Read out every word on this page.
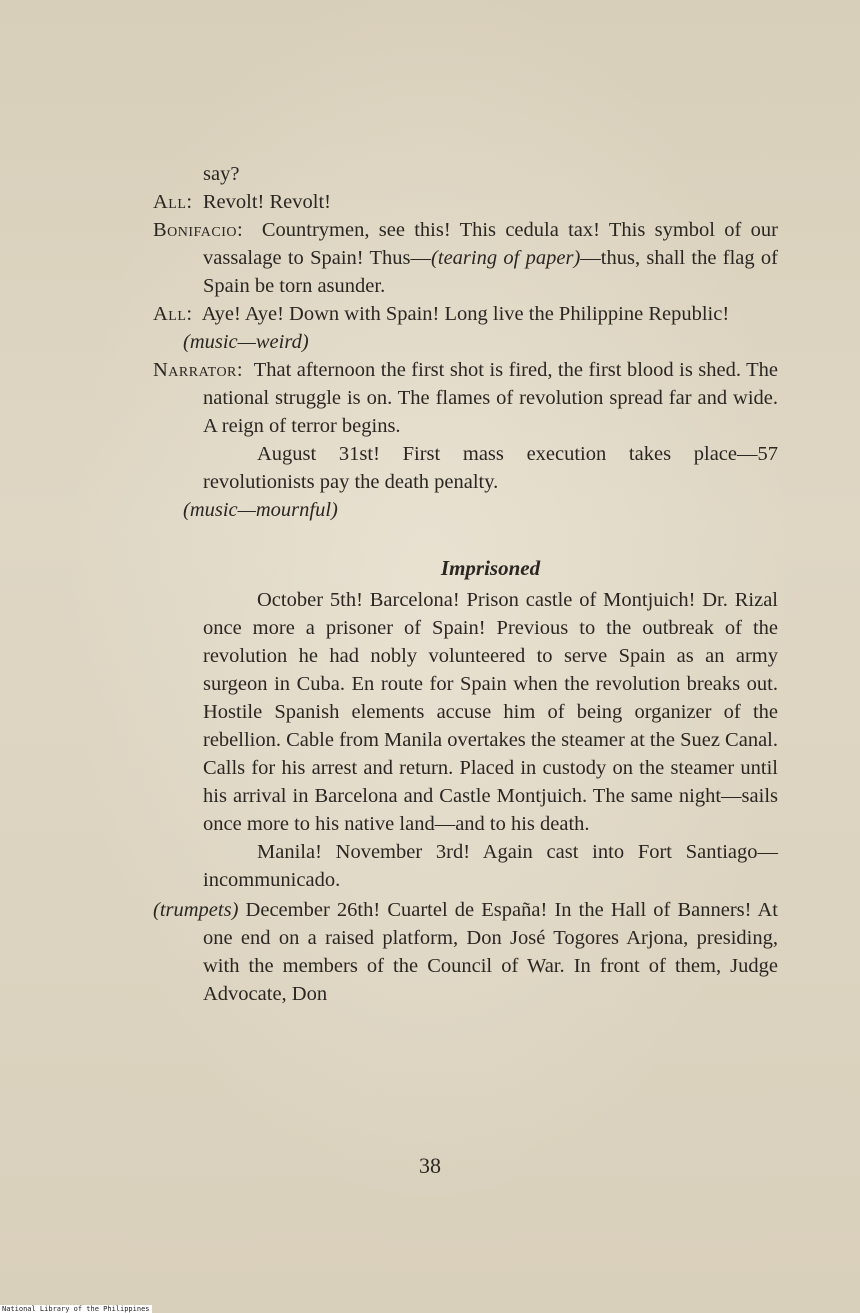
say?

All: Revolt! Revolt!

Bonifacio: Countrymen, see this! This cedula tax! This symbol of our vassalage to Spain! Thus—(tearing of paper)—thus, shall the flag of Spain be torn asunder.

All: Aye! Aye! Down with Spain! Long live the Philippine Republic!

(music—weird)

Narrator: That afternoon the first shot is fired, the first blood is shed. The national struggle is on. The flames of revolution spread far and wide. A reign of terror begins.

August 31st! First mass execution takes place—57 revolutionists pay the death penalty.

(music—mournful)

Imprisoned

October 5th! Barcelona! Prison castle of Montjuich! Dr. Rizal once more a prisoner of Spain! Previous to the outbreak of the revolution he had nobly volunteered to serve Spain as an army surgeon in Cuba. En route for Spain when the revolution breaks out. Hostile Spanish elements accuse him of being organizer of the rebellion. Cable from Manila overtakes the steamer at the Suez Canal. Calls for his arrest and return. Placed in custody on the steamer until his arrival in Barcelona and Castle Montjuich. The same night—sails once more to his native land—and to his death.

Manila! November 3rd! Again cast into Fort Santiago—incommunicado.

(trumpets) December 26th! Cuartel de España! In the Hall of Banners! At one end on a raised platform, Don José Togores Arjona, presiding, with the members of the Council of War. In front of them, Judge Advocate, Don

38
National Library of the Philippines
